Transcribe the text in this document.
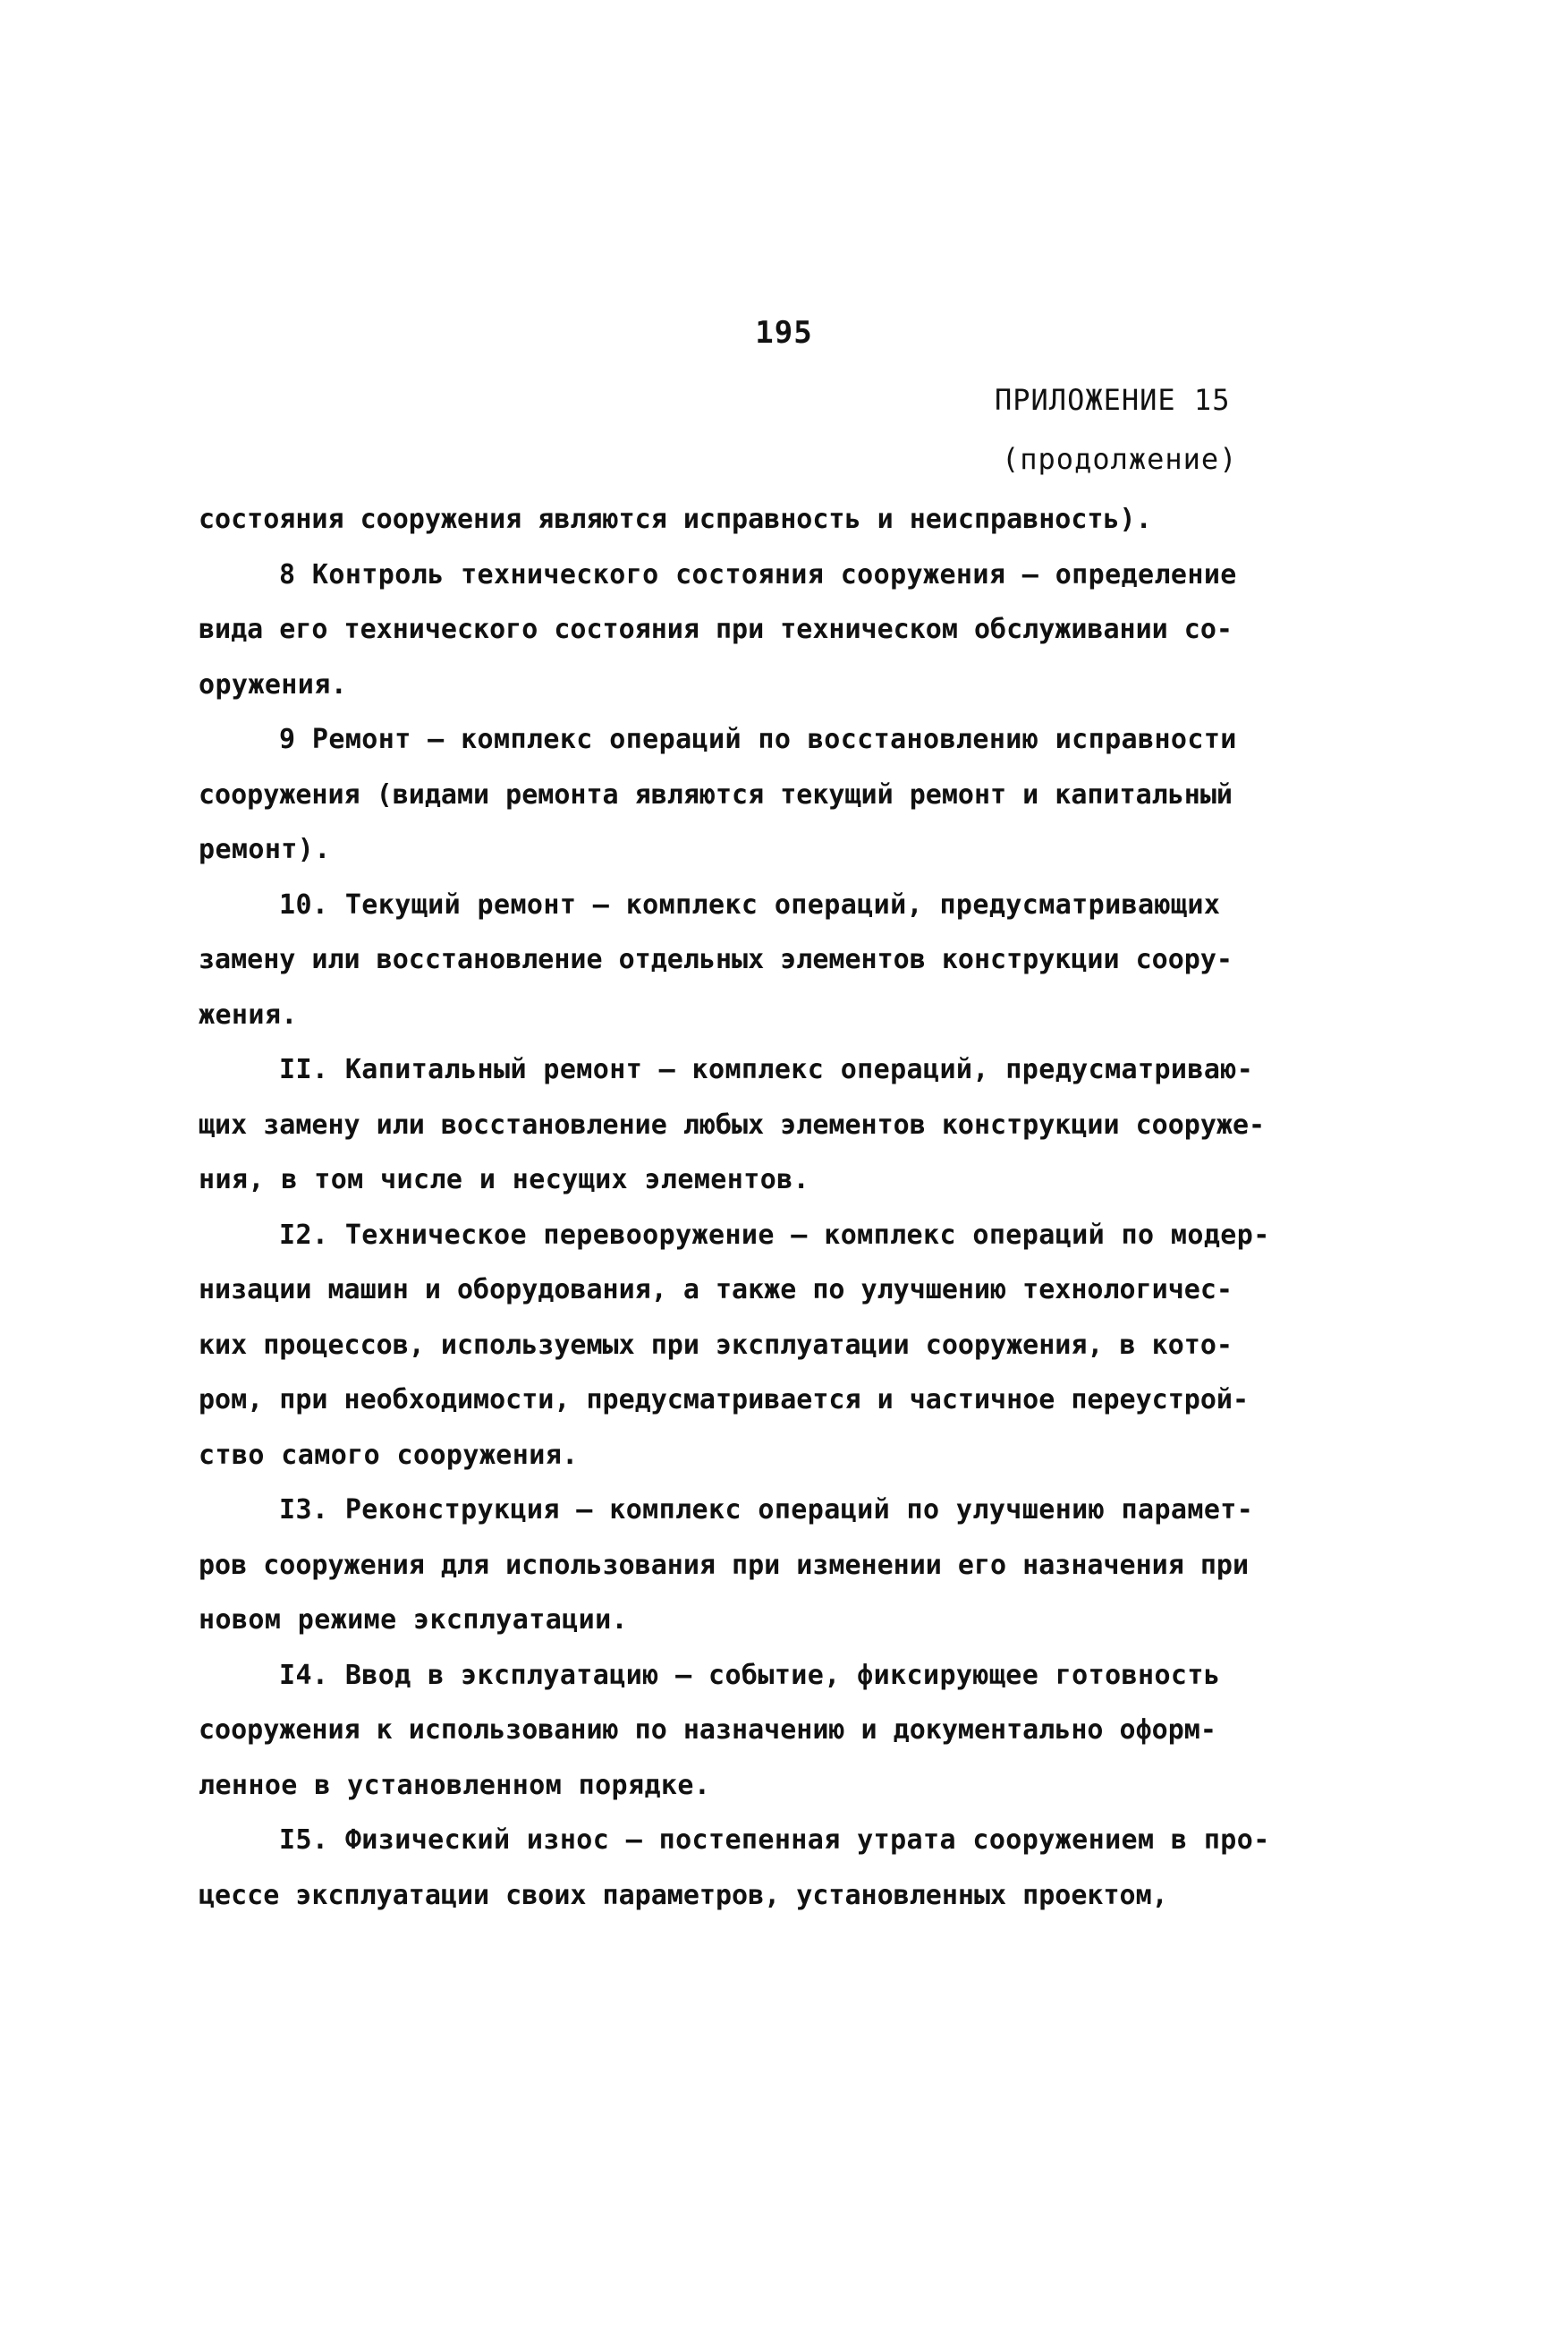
195
ПРИЛОЖЕНИЕ 15
(продолжение)
состояния сооружения являются исправность и неисправность).
8 Контроль технического состояния сооружения – определение
вида его технического состояния при техническом обслуживании со-
оружения.
9 Ремонт – комплекс операций по восстановлению исправности
сооружения (видами ремонта являются текущий ремонт и капитальный
ремонт).
10. Текущий ремонт – комплекс операций, предусматривающих
замену или восстановление отдельных элементов конструкции соору-
жения.
II. Капитальный ремонт – комплекс операций, предусматриваю-
щих замену или восстановление любых элементов конструкции сооруже-
ния, в том числе и несущих элементов.
I2. Техническое перевооружение – комплекс операций по модер-
низации машин и оборудования, а также по улучшению технологичес-
ких процессов, используемых при эксплуатации сооружения, в кото-
ром, при необходимости, предусматривается и частичное переустрой-
ство самого сооружения.
I3. Реконструкция – комплекс операций по улучшению парамет-
ров сооружения для использования при изменении его назначения при
новом режиме эксплуатации.
I4. Ввод в эксплуатацию – событие, фиксирующее готовность
сооружения к использованию по назначению и документально оформ-
ленное в установленном порядке.
I5. Физический износ – постепенная утрата сооружением в про-
цессе эксплуатации своих параметров, установленных проектом,
